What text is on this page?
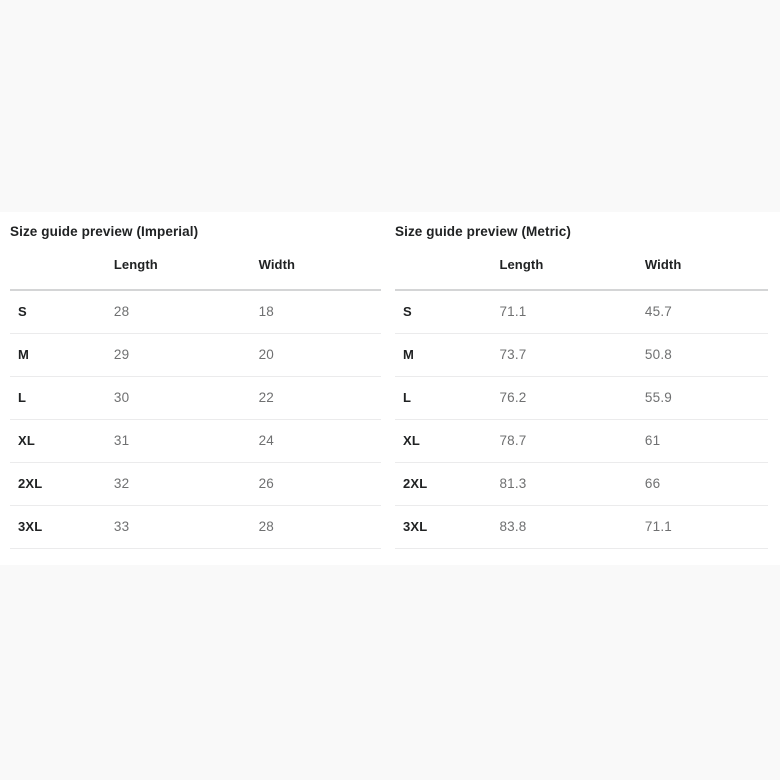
Size guide preview (Imperial)
	Length	Width
S	28	18
M	29	20
L	30	22
XL	31	24
2XL	32	26
3XL	33	28
Size guide preview (Metric)
	Length	Width
S	71.1	45.7
M	73.7	50.8
L	76.2	55.9
XL	78.7	61
2XL	81.3	66
3XL	83.8	71.1
